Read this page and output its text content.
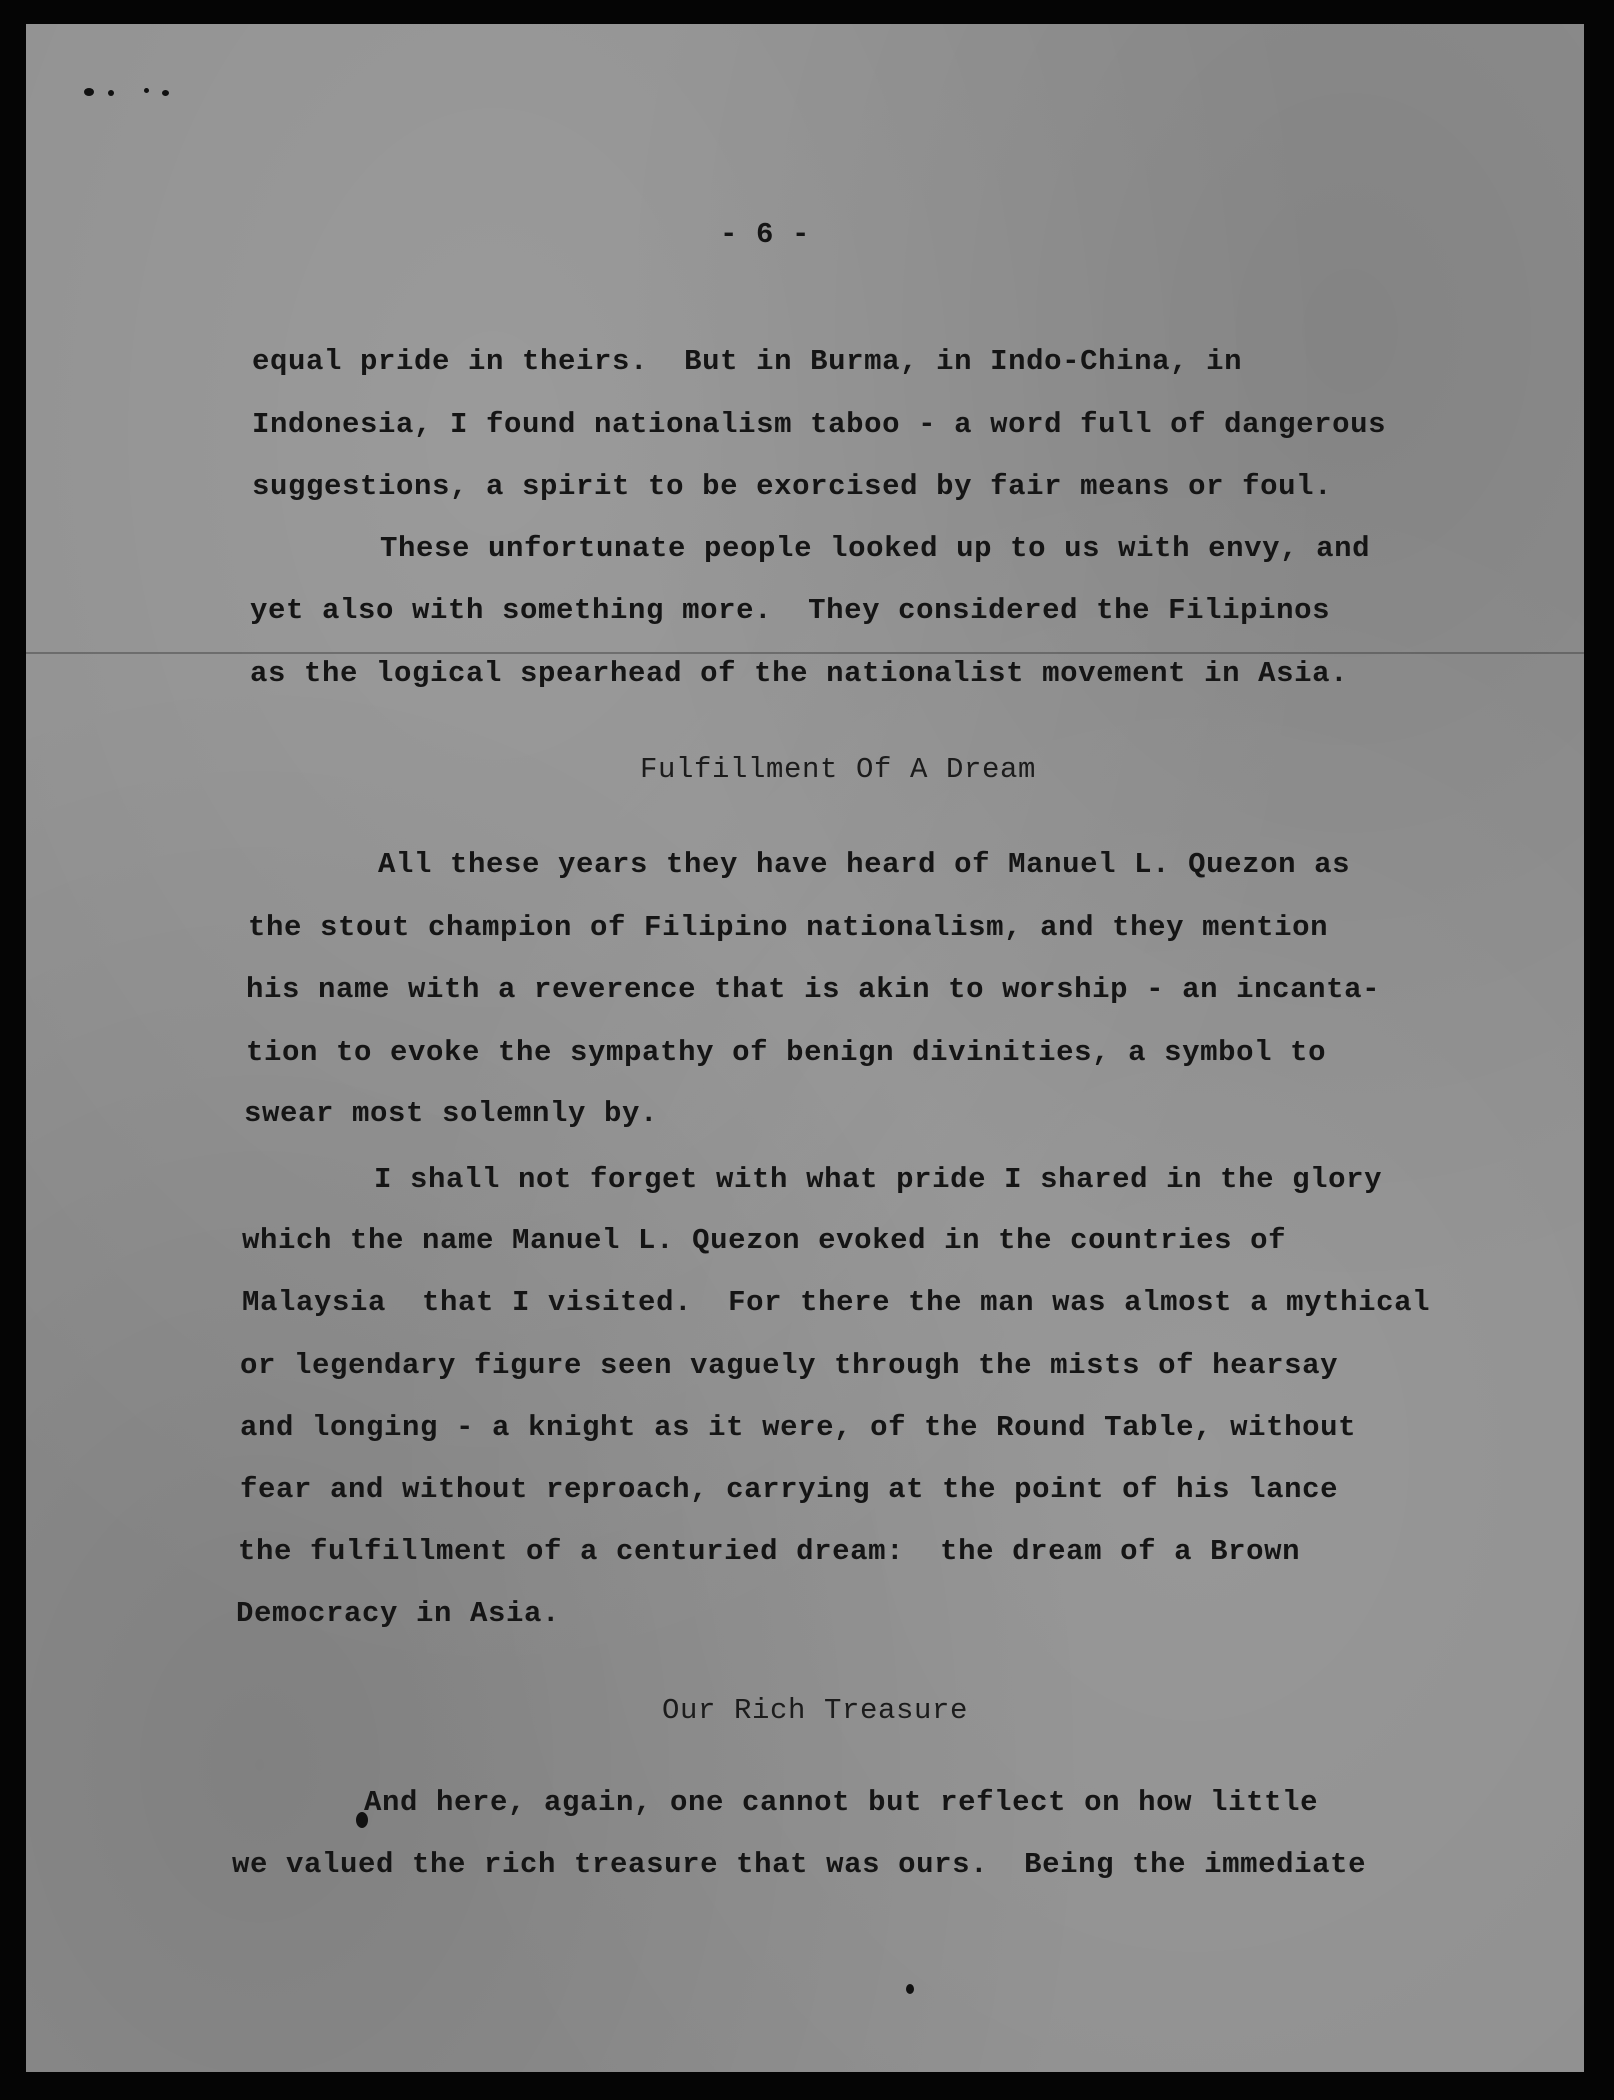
- 6 -
equal pride in theirs.  But in Burma, in Indo-China, in
Indonesia, I found nationalism taboo - a word full of dangerous
suggestions, a spirit to be exorcised by fair means or foul.
These unfortunate people looked up to us with envy, and
yet also with something more.  They considered the Filipinos
as the logical spearhead of the nationalist movement in Asia.
Fulfillment Of A Dream
All these years they have heard of Manuel L. Quezon as
the stout champion of Filipino nationalism, and they mention
his name with a reverence that is akin to worship - an incanta-
tion to evoke the sympathy of benign divinities, a symbol to
swear most solemnly by.
I shall not forget with what pride I shared in the glory
which the name Manuel L. Quezon evoked in the countries of
Malaysia  that I visited.  For there the man was almost a mythical
or legendary figure seen vaguely through the mists of hearsay
and longing - a knight as it were, of the Round Table, without
fear and without reproach, carrying at the point of his lance
the fulfillment of a centuried dream:  the dream of a Brown
Democracy in Asia.
Our Rich Treasure
And here, again, one cannot but reflect on how little
we valued the rich treasure that was ours.  Being the immediate
